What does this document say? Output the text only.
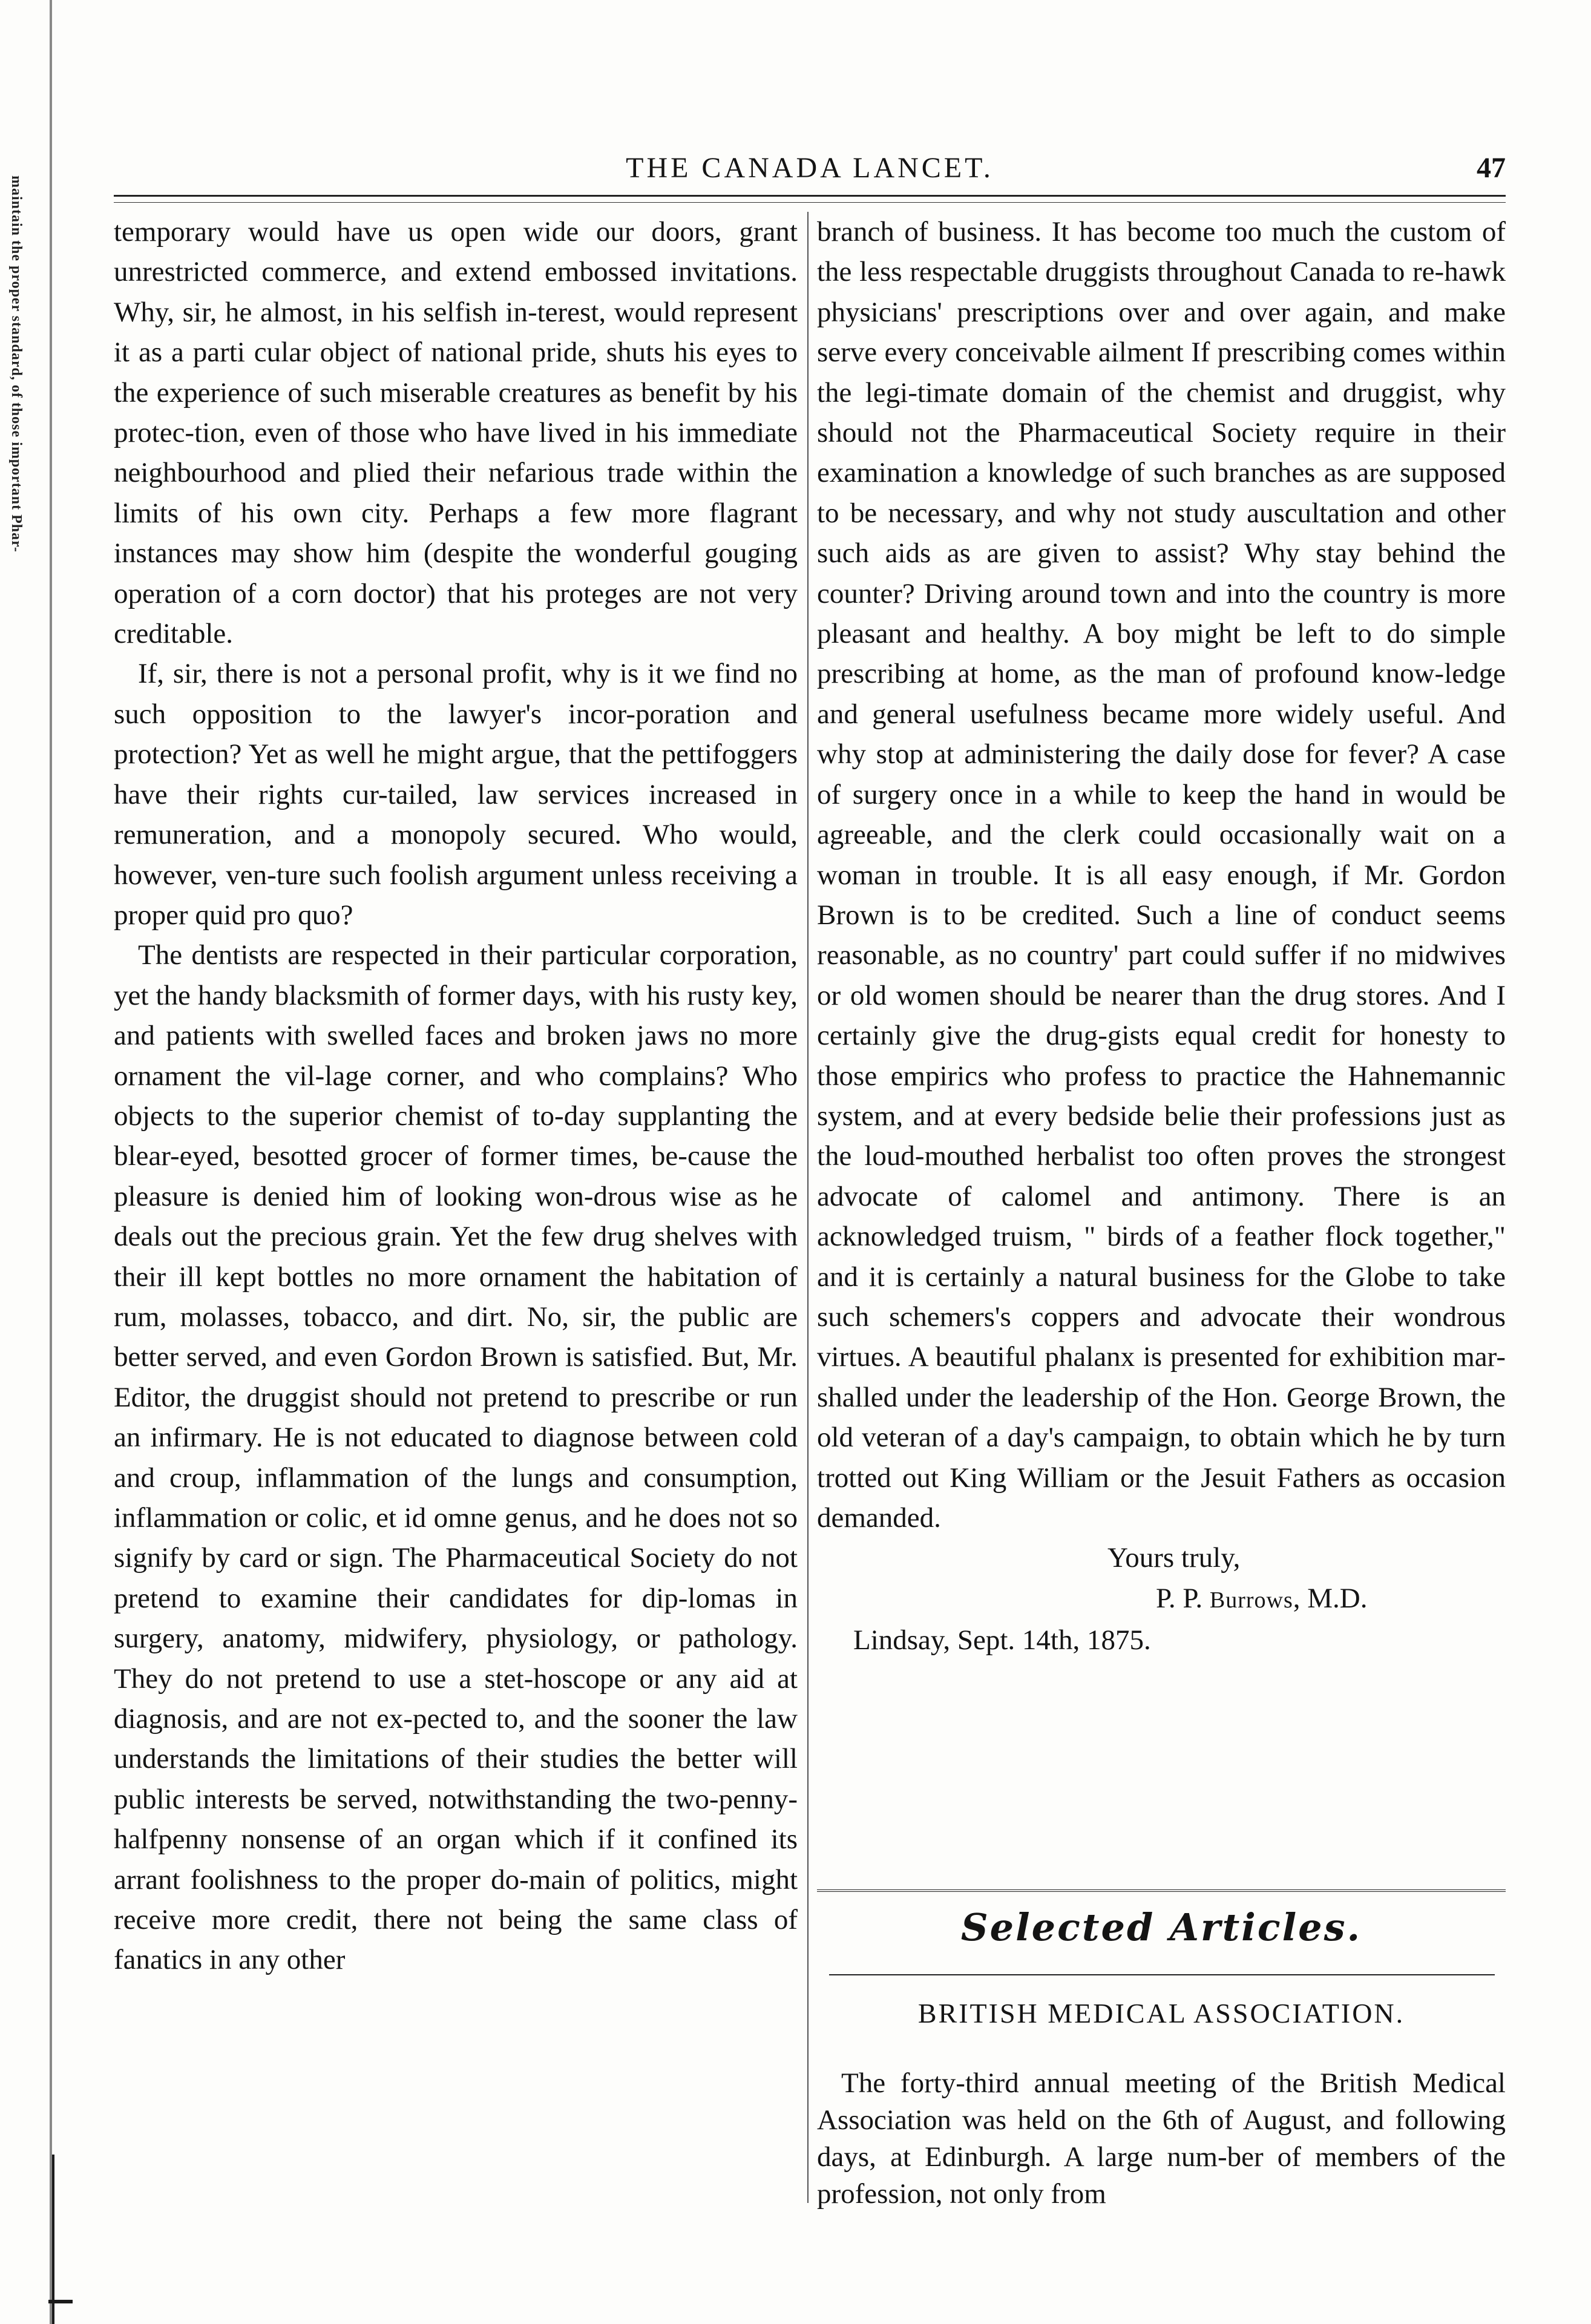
maintain the proper standard, of those important Phar-
THE CANADA LANCET.	47

temporary would have us open wide our doors, grant unrestricted commerce, and extend embossed invitations. Why, sir, he almost, in his selfish in-terest, would represent it as a parti cular object of national pride, shuts his eyes to the experience of such miserable creatures as benefit by his protec-tion, even of those who have lived in his immediate neighbourhood and plied their nefarious trade within the limits of his own city. Perhaps a few more flagrant instances may show him (despite the wonderful gouging operation of a corn doctor) that his proteges are not very creditable.

If, sir, there is not a personal profit, why is it we find no such opposition to the lawyer's incor-poration and protection? Yet as well he might argue, that the pettifoggers have their rights cur-tailed, law services increased in remuneration, and a monopoly secured. Who would, however, ven-ture such foolish argument unless receiving a proper quid pro quo?

The dentists are respected in their particular corporation, yet the handy blacksmith of former days, with his rusty key, and patients with swelled faces and broken jaws no more ornament the vil-lage corner, and who complains? Who objects to the superior chemist of to-day supplanting the blear-eyed, besotted grocer of former times, be-cause the pleasure is denied him of looking won-drous wise as he deals out the precious grain. Yet the few drug shelves with their ill kept bottles no more ornament the habitation of rum, molasses, tobacco, and dirt. No, sir, the public are better served, and even Gordon Brown is satisfied. But, Mr. Editor, the druggist should not pretend to prescribe or run an infirmary. He is not educated to diagnose between cold and croup, inflammation of the lungs and consumption, inflammation or colic, et id omne genus, and he does not so signify by card or sign. The Pharmaceutical Society do not pretend to examine their candidates for dip-lomas in surgery, anatomy, midwifery, physiology, or pathology. They do not pretend to use a stet-hoscope or any aid at diagnosis, and are not ex-pected to, and the sooner the law understands the limitations of their studies the better will public interests be served, notwithstanding the two-penny-halfpenny nonsense of an organ which if it confined its arrant foolishness to the proper do-main of politics, might receive more credit, there not being the same class of fanatics in any other

branch of business. It has become too much the custom of the less respectable druggists throughout Canada to re-hawk physicians' prescriptions over and over again, and make serve every conceivable ailment If prescribing comes within the legi-timate domain of the chemist and druggist, why should not the Pharmaceutical Society require in their examination a knowledge of such branches as are supposed to be necessary, and why not study auscultation and other such aids as are given to assist? Why stay behind the counter? Driving around town and into the country is more pleasant and healthy. A boy might be left to do simple prescribing at home, as the man of profound know-ledge and general usefulness became more widely useful. And why stop at administering the daily dose for fever? A case of surgery once in a while to keep the hand in would be agreeable, and the clerk could occasionally wait on a woman in trouble. It is all easy enough, if Mr. Gordon Brown is to be credited. Such a line of conduct seems reasonable, as no country' part could suffer if no midwives or old women should be nearer than the drug stores. And I certainly give the drug-gists equal credit for honesty to those empirics who profess to practice the Hahnemannic system, and at every bedside belie their professions just as the loud-mouthed herbalist too often proves the strongest advocate of calomel and antimony. There is an acknowledged truism, " birds of a feather flock together," and it is certainly a natural business for the Globe to take such schemers's coppers and advocate their wondrous virtues. A beautiful phalanx is presented for exhibition mar-shalled under the leadership of the Hon. George Brown, the old veteran of a day's campaign, to obtain which he by turn trotted out King William or the Jesuit Fathers as occasion demanded.

Yours truly,

P. P. Burrows, M.D.

Lindsay, Sept. 14th, 1875.

Selected Articles.
BRITISH MEDICAL ASSOCIATION.

The forty-third annual meeting of the British Medical Association was held on the 6th of August, and following days, at Edinburgh. A large num-ber of members of the profession, not only from
